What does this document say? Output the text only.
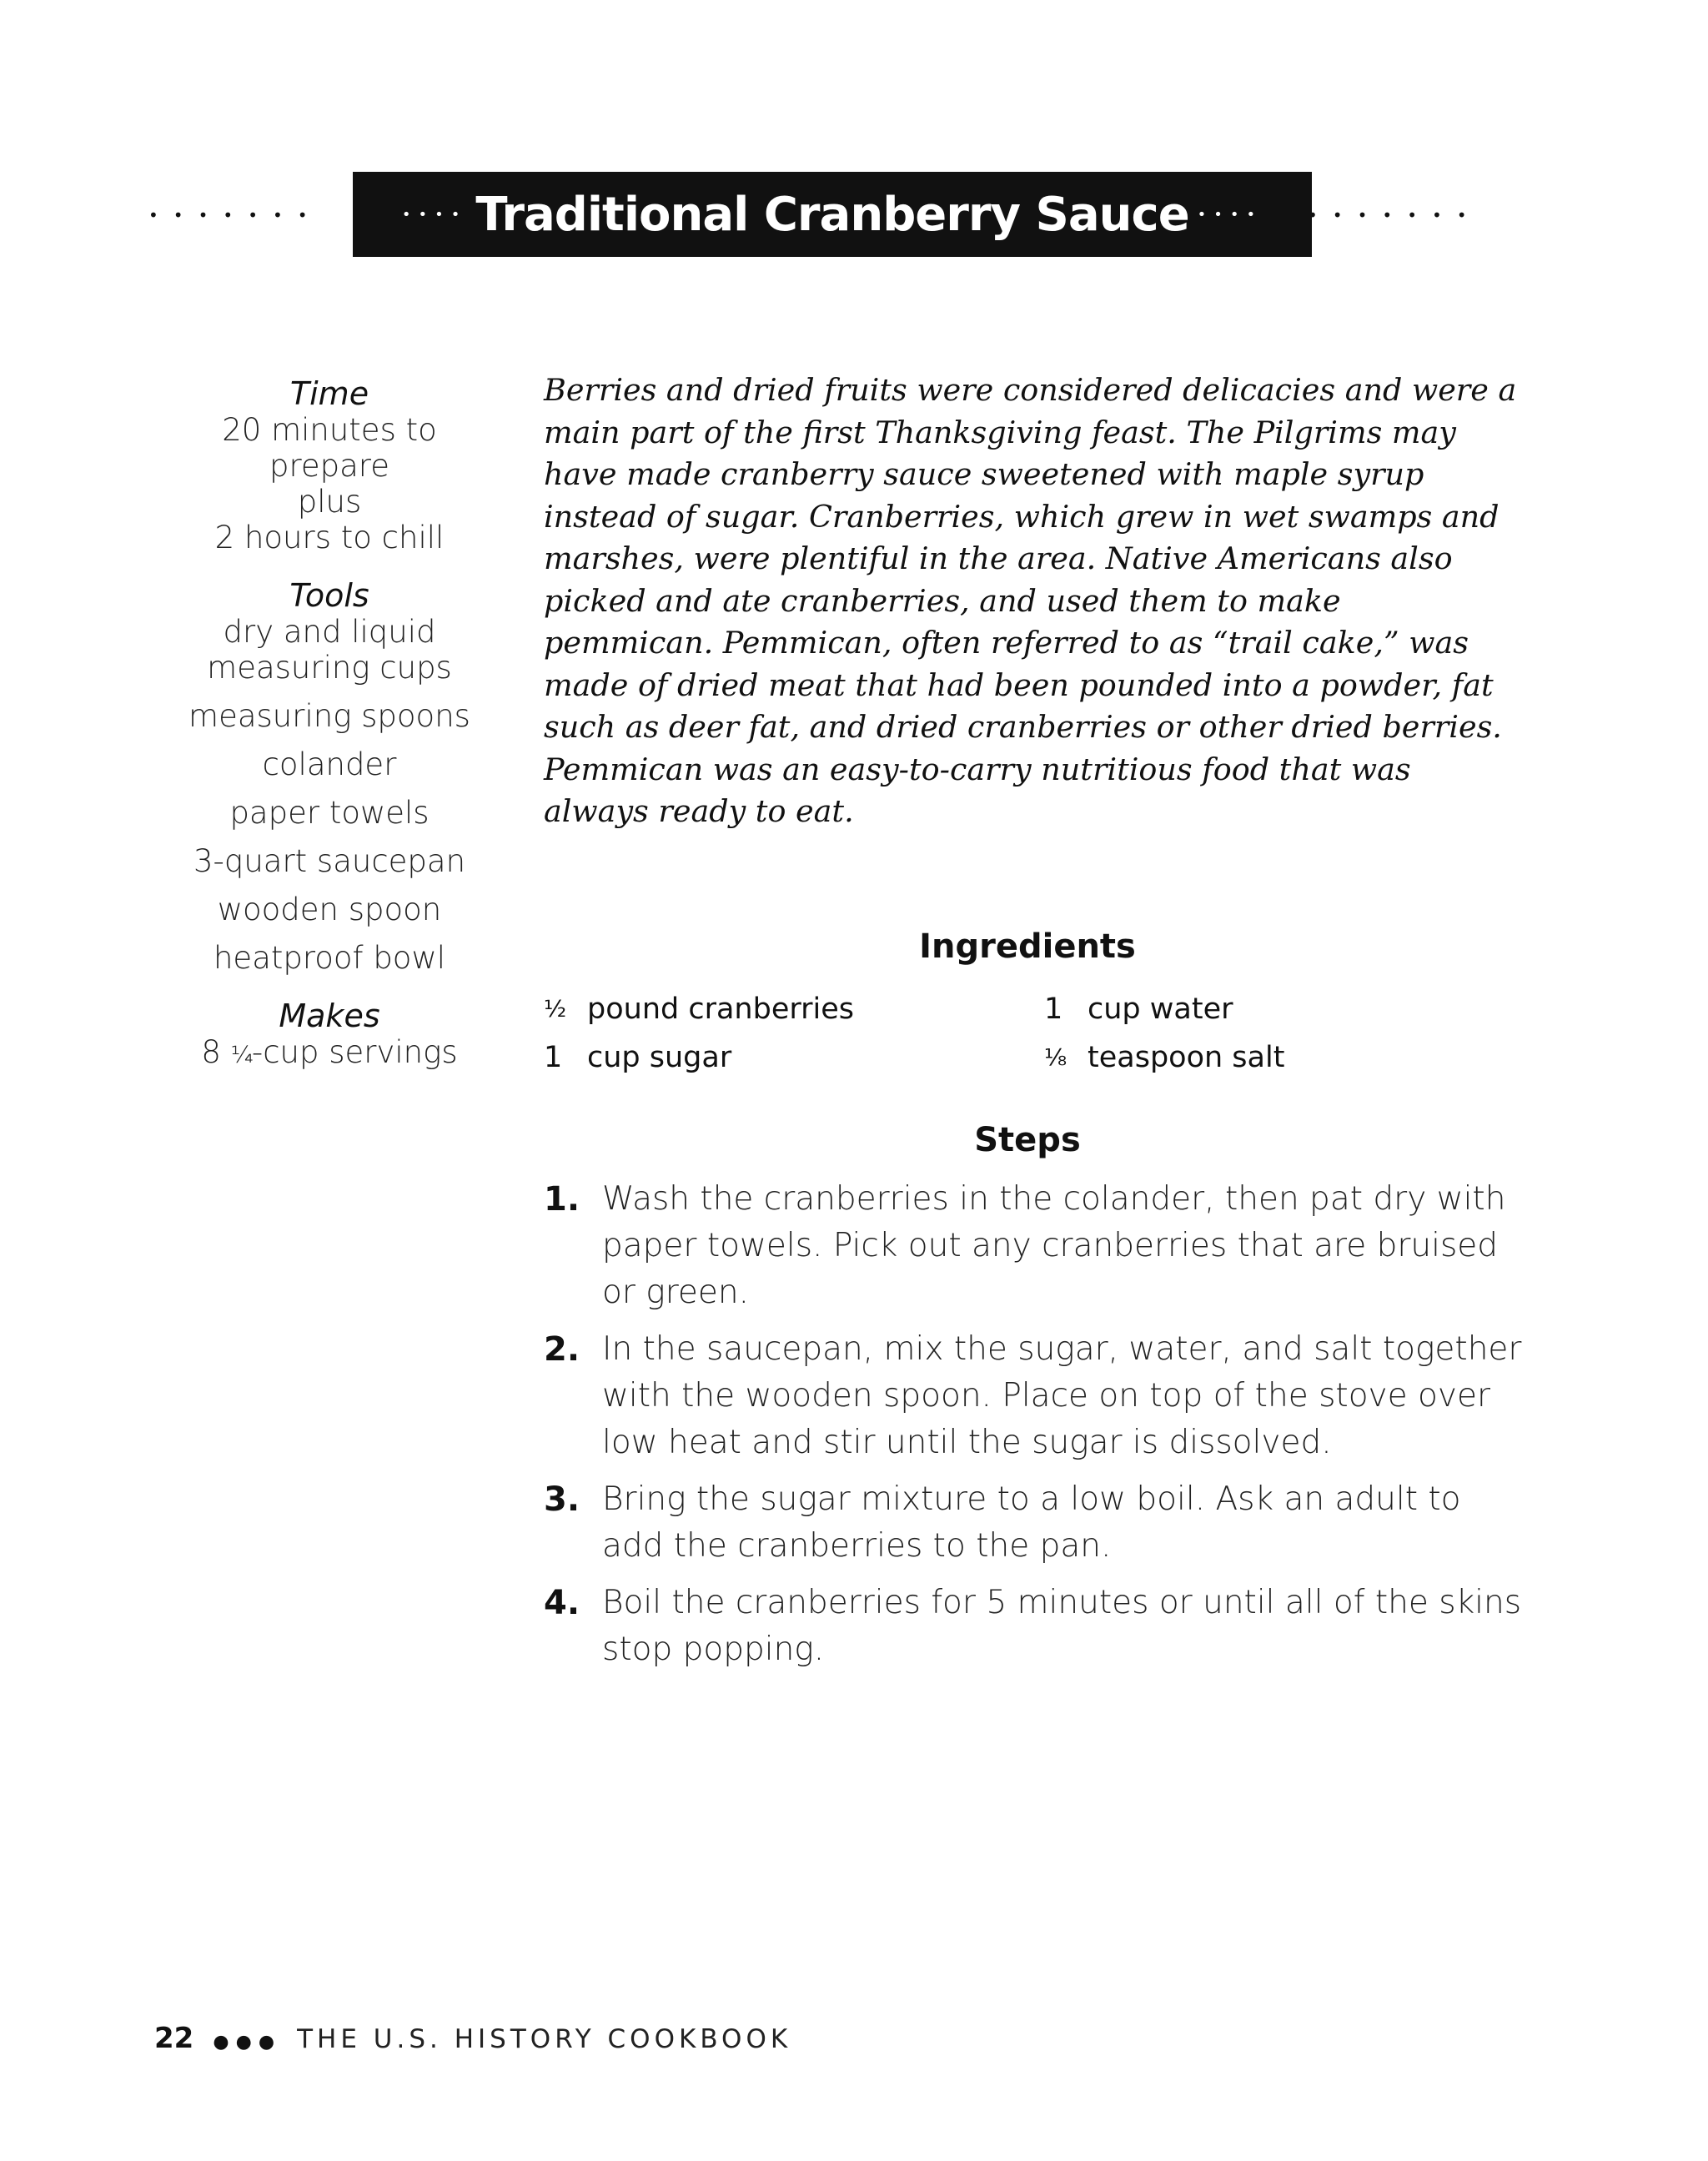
•••••••	•••• Traditional Cranberry Sauce ••••	•••••••
Time
20 minutes to prepare
plus
2 hours to chill
Tools
dry and liquid
measuring cups
measuring spoons
colander
paper towels
3-quart saucepan
wooden spoon
heatproof bowl
Makes
8 ¼-cup servings

Berries and dried fruits were considered delicacies and were a main part of the first Thanksgiving feast. The Pilgrims may have made cranberry sauce sweetened with maple syrup instead of sugar. Cranberries, which grew in wet swamps and marshes, were plentiful in the area. Native Americans also picked and ate cranberries, and used them to make pemmican. Pemmican, often referred to as “trail cake,” was made of dried meat that had been pounded into a powder, fat such as deer fat, and dried cranberries or other dried berries. Pemmican was an easy-to-carry nutritious food that was always ready to eat.

Ingredients
½ pound cranberries	1 cup water
1 cup sugar	⅛ teaspoon salt
Steps
1. Wash the cranberries in the colander, then pat dry with paper towels. Pick out any cranberries that are bruised or green.
2. In the saucepan, mix the sugar, water, and salt together with the wooden spoon. Place on top of the stove over low heat and stir until the sugar is dissolved.
3. Bring the sugar mixture to a low boil. Ask an adult to add the cranberries to the pan.
4. Boil the cranberries for 5 minutes or until all of the skins stop popping.
22 ●●● THE U.S. HISTORY COOKBOOK
